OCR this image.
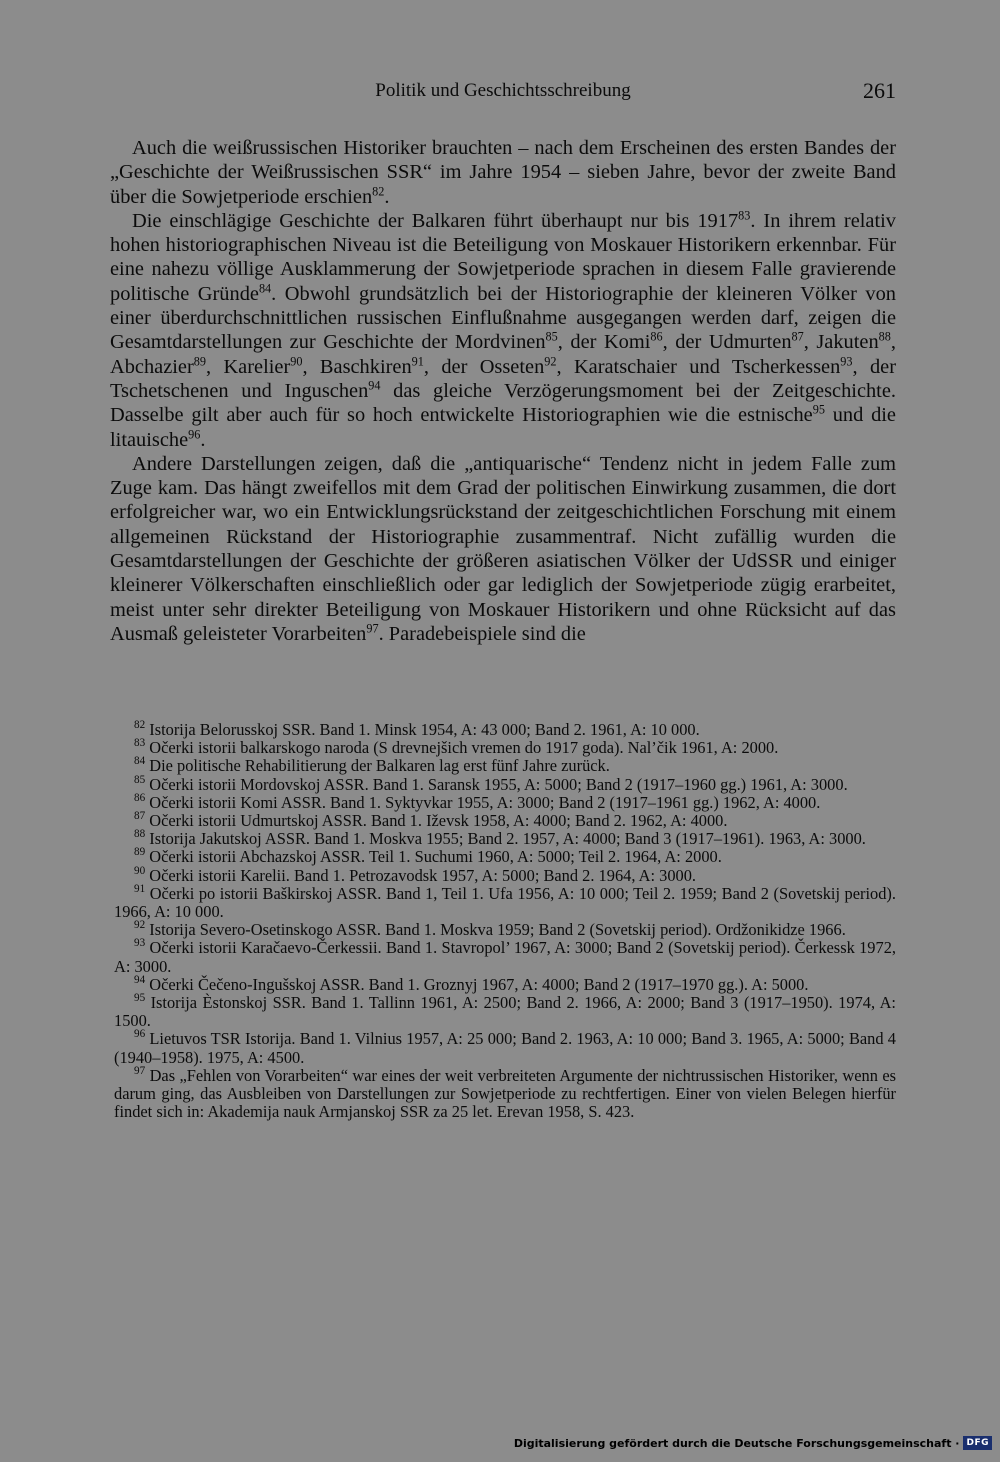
Politik und Geschichtsschreibung	261

Auch die weißrussischen Historiker brauchten – nach dem Erscheinen des ersten Bandes der „Geschichte der Weißrussischen SSR“ im Jahre 1954 – sieben Jahre, bevor der zweite Band über die Sowjetperiode erschien$^{82}$.

Die einschlägige Geschichte der Balkaren führt überhaupt nur bis 1917$^{83}$. In ihrem relativ hohen historiographischen Niveau ist die Beteiligung von Moskauer Historikern erkennbar. Für eine nahezu völlige Ausklammerung der Sowjetperiode sprachen in diesem Falle gravierende politische Gründe$^{84}$. Obwohl grundsätzlich bei der Historiographie der kleineren Völker von einer überdurchschnittlichen russischen Einflußnahme ausgegangen werden darf, zeigen die Gesamtdarstellungen zur Geschichte der Mordvinen$^{85}$, der Komi$^{86}$, der Udmurten$^{87}$, Jakuten$^{88}$, Abchazier$^{89}$, Karelier$^{90}$, Baschkiren$^{91}$, der Osseten$^{92}$, Karatschaier und Tscherkessen$^{93}$, der Tschetschenen und Inguschen$^{94}$ das gleiche Verzögerungsmoment bei der Zeitgeschichte. Dasselbe gilt aber auch für so hoch entwickelte Historiographien wie die estnische$^{95}$ und die litauische$^{96}$.

Andere Darstellungen zeigen, daß die „antiquarische“ Tendenz nicht in jedem Falle zum Zuge kam. Das hängt zweifellos mit dem Grad der politischen Einwirkung zusammen, die dort erfolgreicher war, wo ein Entwicklungsrückstand der zeitgeschichtlichen Forschung mit einem allgemeinen Rückstand der Historiographie zusammentraf. Nicht zufällig wurden die Gesamtdarstellungen der Geschichte der größeren asiatischen Völker der UdSSR und einiger kleinerer Völkerschaften einschließlich oder gar lediglich der Sowjetperiode zügig erarbeitet, meist unter sehr direkter Beteiligung von Moskauer Historikern und ohne Rücksicht auf das Ausmaß geleisteter Vorarbeiten$^{97}$. Paradebeispiele sind die

$^{82}$ Istorija Belorusskoj SSR. Band 1. Minsk 1954, A: 43 000; Band 2. 1961, A: 10 000.

$^{83}$ Očerki istorii balkarskogo naroda (S drevnejšich vremen do 1917 goda). Nal’čik 1961, A: 2000.

$^{84}$ Die politische Rehabilitierung der Balkaren lag erst fünf Jahre zurück.

$^{85}$ Očerki istorii Mordovskoj ASSR. Band 1. Saransk 1955, A: 5000; Band 2 (1917–1960 gg.) 1961, A: 3000.

$^{86}$ Očerki istorii Komi ASSR. Band 1. Syktyvkar 1955, A: 3000; Band 2 (1917–1961 gg.) 1962, A: 4000.

$^{87}$ Očerki istorii Udmurtskoj ASSR. Band 1. Iževsk 1958, A: 4000; Band 2. 1962, A: 4000.

$^{88}$ Istorija Jakutskoj ASSR. Band 1. Moskva 1955; Band 2. 1957, A: 4000; Band 3 (1917–1961). 1963, A: 3000.

$^{89}$ Očerki istorii Abchazskoj ASSR. Teil 1. Suchumi 1960, A: 5000; Teil 2. 1964, A: 2000.

$^{90}$ Očerki istorii Karelii. Band 1. Petrozavodsk 1957, A: 5000; Band 2. 1964, A: 3000.

$^{91}$ Očerki po istorii Baškirskoj ASSR. Band 1, Teil 1. Ufa 1956, A: 10 000; Teil 2. 1959; Band 2 (Sovetskij period). 1966, A: 10 000.

$^{92}$ Istorija Severo-Osetinskogo ASSR. Band 1. Moskva 1959; Band 2 (Sovetskij period). Ordžonikidze 1966.

$^{93}$ Očerki istorii Karačaevo-Čerkessii. Band 1. Stavropol’ 1967, A: 3000; Band 2 (Sovetskij period). Čerkessk 1972, A: 3000.

$^{94}$ Očerki Čečeno-Ingušskoj ASSR. Band 1. Groznyj 1967, A: 4000; Band 2 (1917–1970 gg.). A: 5000.

$^{95}$ Istorija Èstonskoj SSR. Band 1. Tallinn 1961, A: 2500; Band 2. 1966, A: 2000; Band 3 (1917–1950). 1974, A: 1500.

$^{96}$ Lietuvos TSR Istorija. Band 1. Vilnius 1957, A: 25 000; Band 2. 1963, A: 10 000; Band 3. 1965, A: 5000; Band 4 (1940–1958). 1975, A: 4500.

$^{97}$ Das „Fehlen von Vorarbeiten“ war eines der weit verbreiteten Argumente der nichtrussischen Historiker, wenn es darum ging, das Ausbleiben von Darstellungen zur Sowjetperiode zu rechtfertigen. Einer von vielen Belegen hierfür findet sich in: Akademija nauk Armjanskoj SSR za 25 let. Erevan 1958, S. 423.

Digitalisierung gefördert durch die Deutsche Forschungsgemeinschaft · DFG
